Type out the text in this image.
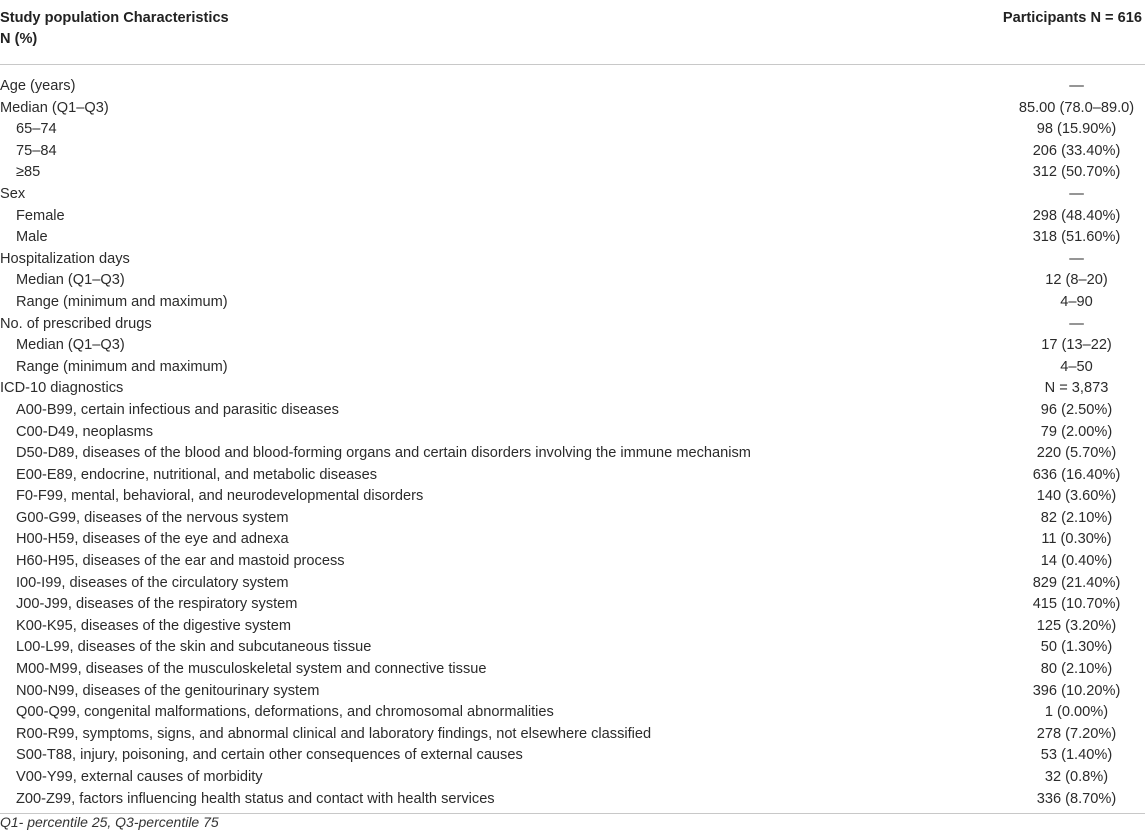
Study population Characteristics
N (%)	Participants N = 616

Age (years)	—
Median (Q1–Q3)	85.00 (78.0–89.0)
65–74	98 (15.90%)
75–84	206 (33.40%)
≥85	312 (50.70%)
Sex	—
Female	298 (48.40%)
Male	318 (51.60%)
Hospitalization days	—
Median (Q1–Q3)	12 (8–20)
Range (minimum and maximum)	4–90
No. of prescribed drugs	—
Median (Q1–Q3)	17 (13–22)
Range (minimum and maximum)	4–50
ICD-10 diagnostics	N = 3,873
A00-B99, certain infectious and parasitic diseases	96 (2.50%)
C00-D49, neoplasms	79 (2.00%)
D50-D89, diseases of the blood and blood-forming organs and certain disorders involving the immune mechanism	220 (5.70%)
E00-E89, endocrine, nutritional, and metabolic diseases	636 (16.40%)
F0-F99, mental, behavioral, and neurodevelopmental disorders	140 (3.60%)
G00-G99, diseases of the nervous system	82 (2.10%)
H00-H59, diseases of the eye and adnexa	11 (0.30%)
H60-H95, diseases of the ear and mastoid process	14 (0.40%)
I00-I99, diseases of the circulatory system	829 (21.40%)
J00-J99, diseases of the respiratory system	415 (10.70%)
K00-K95, diseases of the digestive system	125 (3.20%)
L00-L99, diseases of the skin and subcutaneous tissue	50 (1.30%)
M00-M99, diseases of the musculoskeletal system and connective tissue	80 (2.10%)
N00-N99, diseases of the genitourinary system	396 (10.20%)
Q00-Q99, congenital malformations, deformations, and chromosomal abnormalities	1 (0.00%)
R00-R99, symptoms, signs, and abnormal clinical and laboratory findings, not elsewhere classified	278 (7.20%)
S00-T88, injury, poisoning, and certain other consequences of external causes	53 (1.40%)
V00-Y99, external causes of morbidity	32 (0.8%)
Z00-Z99, factors influencing health status and contact with health services	336 (8.70%)
Q1- percentile 25, Q3-percentile 75
